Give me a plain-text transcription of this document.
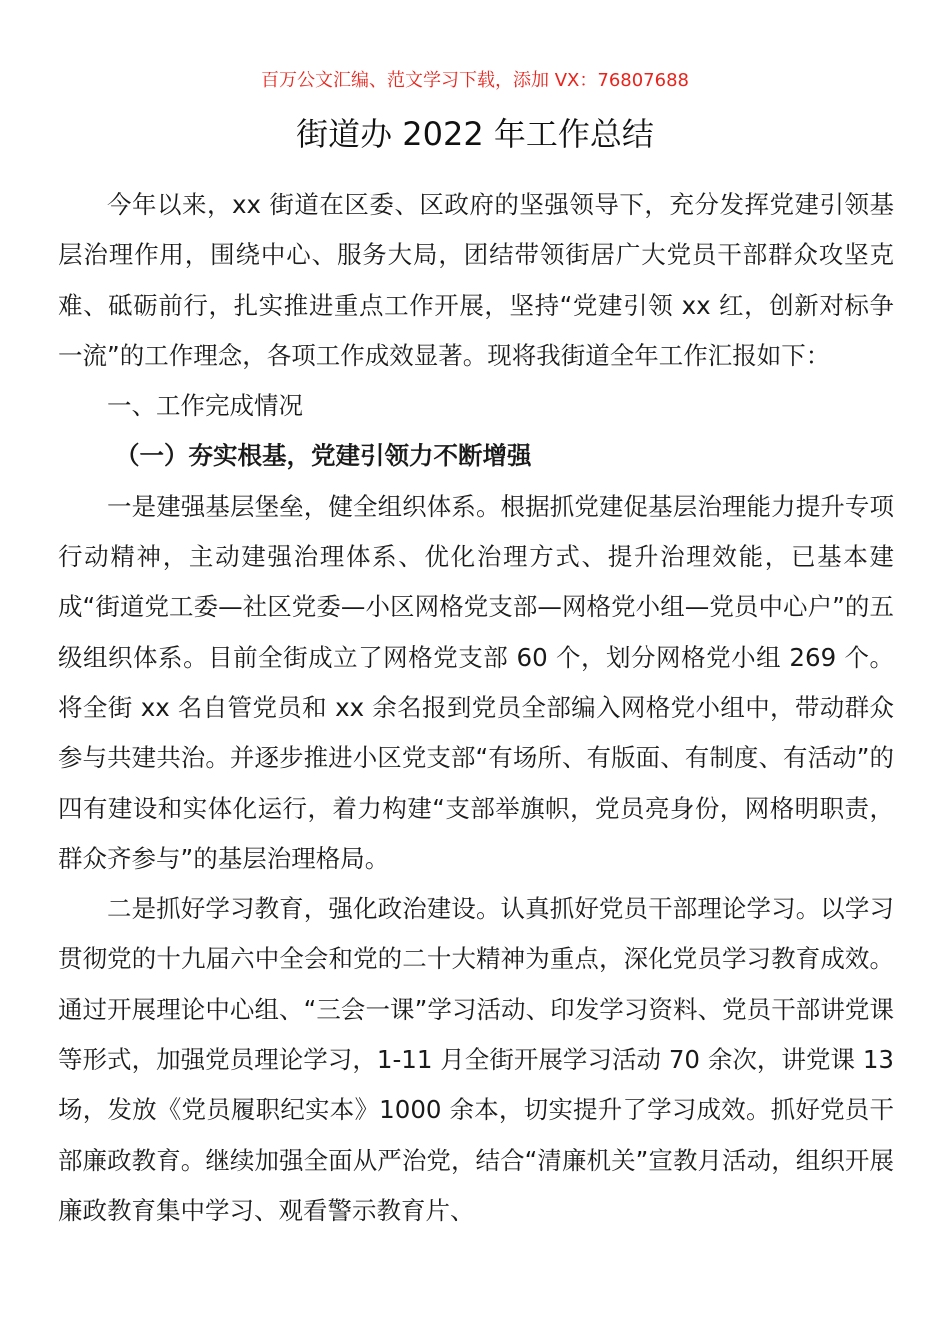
百万公文汇编、范文学习下载，添加 VX：76807688
街道办 2022 年工作总结

今年以来，xx 街道在区委、区政府的坚强领导下，充分发挥党建引领基层治理作用，围绕中心、服务大局，团结带领街居广大党员干部群众攻坚克难、砥砺前行，扎实推进重点工作开展，坚持“党建引领 xx 红，创新对标争一流”的工作理念，各项工作成效显著。现将我街道全年工作汇报如下：

一、工作完成情况

（一）夯实根基，党建引领力不断增强

一是建强基层堡垒，健全组织体系。根据抓党建促基层治理能力提升专项行动精神，主动建强治理体系、优化治理方式、提升治理效能，已基本建成“街道党工委—社区党委—小区网格党支部—网格党小组—党员中心户”的五级组织体系。目前全街成立了网格党支部 60 个，划分网格党小组 269 个。将全街 xx 名自管党员和 xx 余名报到党员全部编入网格党小组中，带动群众参与共建共治。并逐步推进小区党支部“有场所、有版面、有制度、有活动”的四有建设和实体化运行，着力构建“支部举旗帜，党员亮身份，网格明职责，群众齐参与”的基层治理格局。

二是抓好学习教育，强化政治建设。认真抓好党员干部理论学习。以学习贯彻党的十九届六中全会和党的二十大精神为重点，深化党员学习教育成效。通过开展理论中心组、“三会一课”学习活动、印发学习资料、党员干部讲党课等形式，加强党员理论学习，1-11 月全街开展学习活动 70 余次，讲党课 13 场，发放《党员履职纪实本》1000 余本，切实提升了学习成效。抓好党员干部廉政教育。继续加强全面从严治党，结合“清廉机关”宣教月活动，组织开展廉政教育集中学习、观看警示教育片、
